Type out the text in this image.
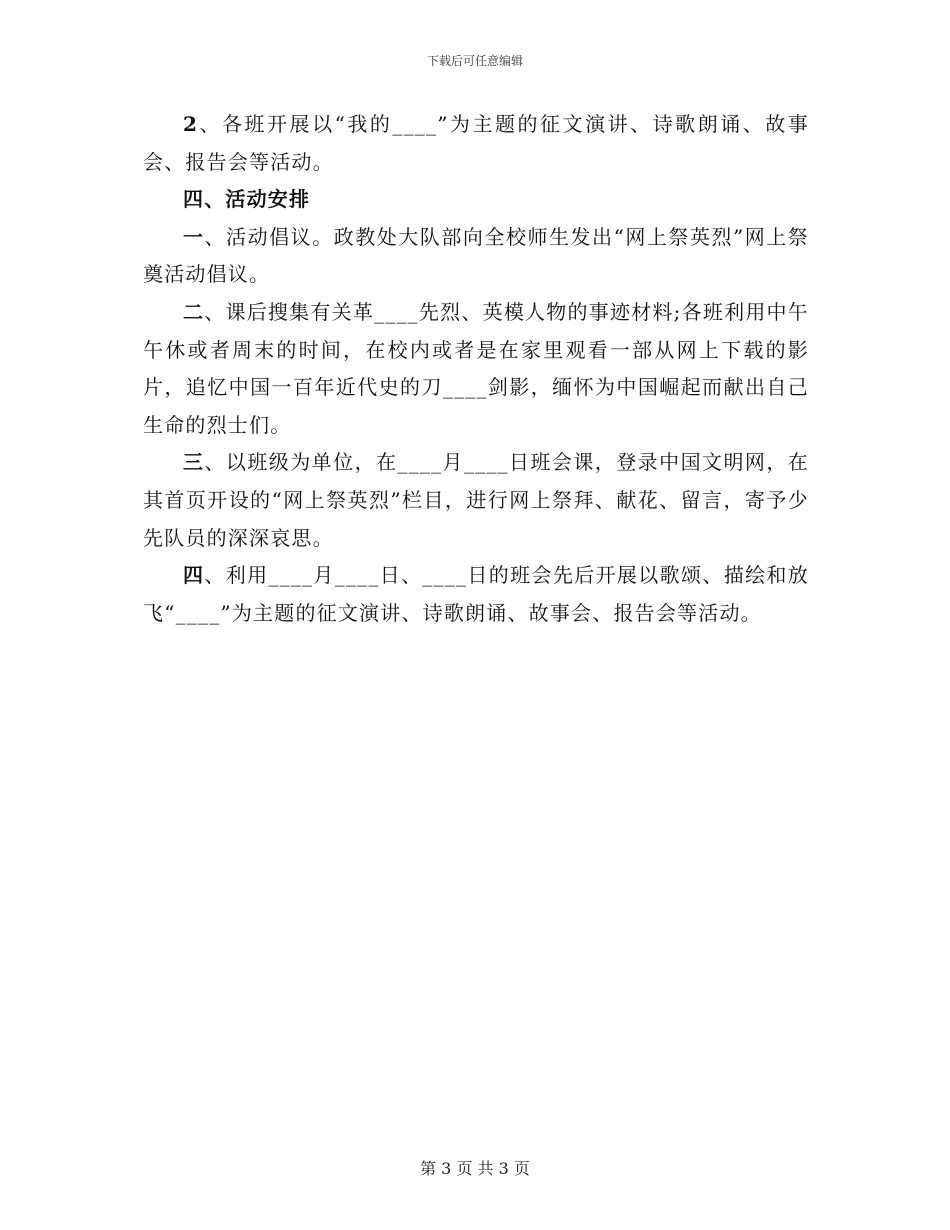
下载后可任意编辑

2、各班开展以“我的____”为主题的征文演讲、诗歌朗诵、故事会、报告会等活动。

四、活动安排

一、活动倡议。政教处大队部向全校师生发出“网上祭英烈”网上祭奠活动倡议。

二、课后搜集有关革____先烈、英模人物的事迹材料;各班利用中午午休或者周末的时间，在校内或者是在家里观看一部从网上下载的影片，追忆中国一百年近代史的刀____剑影，缅怀为中国崛起而献出自己生命的烈士们。

三、以班级为单位，在____月____日班会课，登录中国文明网，在其首页开设的“网上祭英烈”栏目，进行网上祭拜、献花、留言，寄予少先队员的深深哀思。

四、利用____月____日、____日的班会先后开展以歌颂、描绘和放飞“____”为主题的征文演讲、诗歌朗诵、故事会、报告会等活动。

第 3 页 共 3 页
